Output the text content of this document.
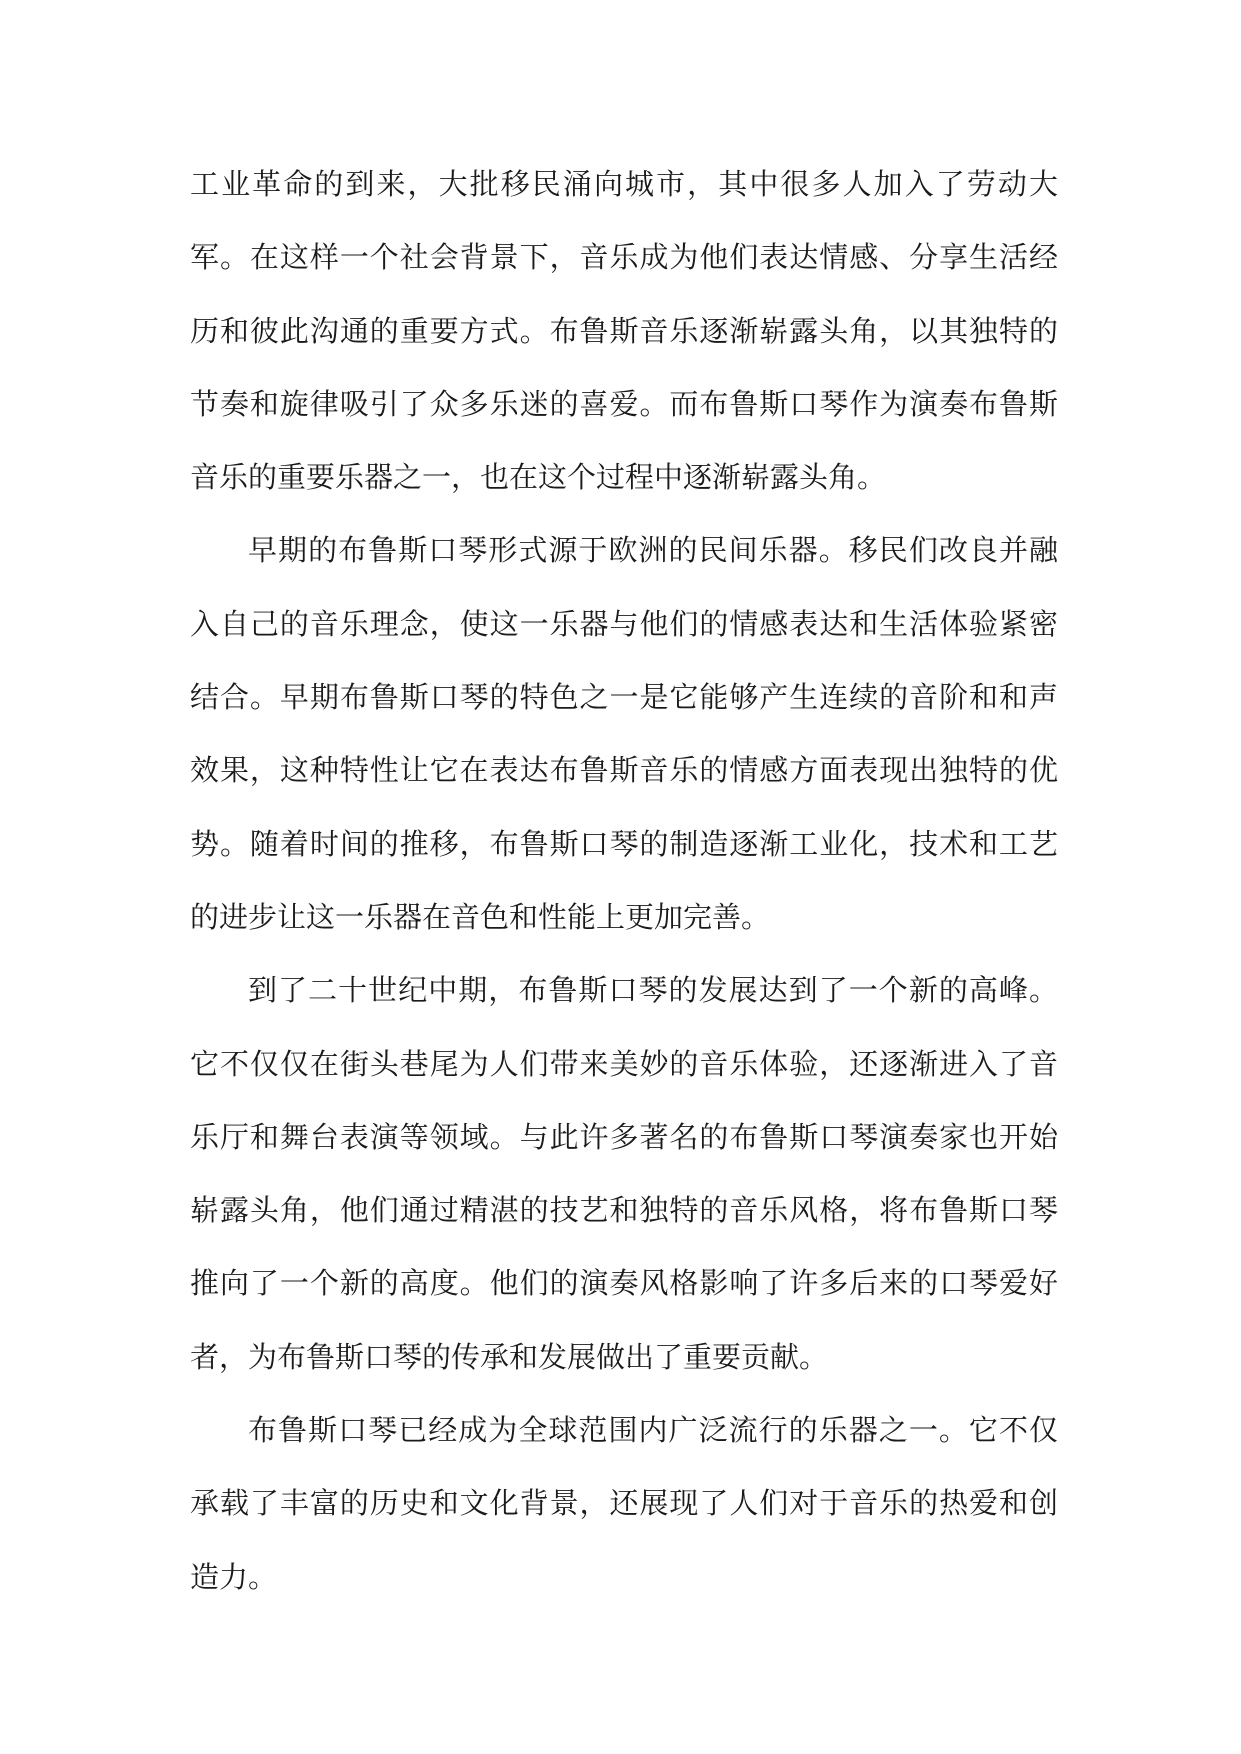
工业革命的到来，大批移民涌向城市，其中很多人加入了劳动大军。在这样一个社会背景下，音乐成为他们表达情感、分享生活经历和彼此沟通的重要方式。布鲁斯音乐逐渐崭露头角，以其独特的节奏和旋律吸引了众多乐迷的喜爱。而布鲁斯口琴作为演奏布鲁斯音乐的重要乐器之一，也在这个过程中逐渐崭露头角。

早期的布鲁斯口琴形式源于欧洲的民间乐器。移民们改良并融入自己的音乐理念，使这一乐器与他们的情感表达和生活体验紧密结合。早期布鲁斯口琴的特色之一是它能够产生连续的音阶和和声效果，这种特性让它在表达布鲁斯音乐的情感方面表现出独特的优势。随着时间的推移，布鲁斯口琴的制造逐渐工业化，技术和工艺的进步让这一乐器在音色和性能上更加完善。

到了二十世纪中期，布鲁斯口琴的发展达到了一个新的高峰。它不仅仅在街头巷尾为人们带来美妙的音乐体验，还逐渐进入了音乐厅和舞台表演等领域。与此许多著名的布鲁斯口琴演奏家也开始崭露头角，他们通过精湛的技艺和独特的音乐风格，将布鲁斯口琴推向了一个新的高度。他们的演奏风格影响了许多后来的口琴爱好者，为布鲁斯口琴的传承和发展做出了重要贡献。

布鲁斯口琴已经成为全球范围内广泛流行的乐器之一。它不仅承载了丰富的历史和文化背景，还展现了人们对于音乐的热爱和创造力。
